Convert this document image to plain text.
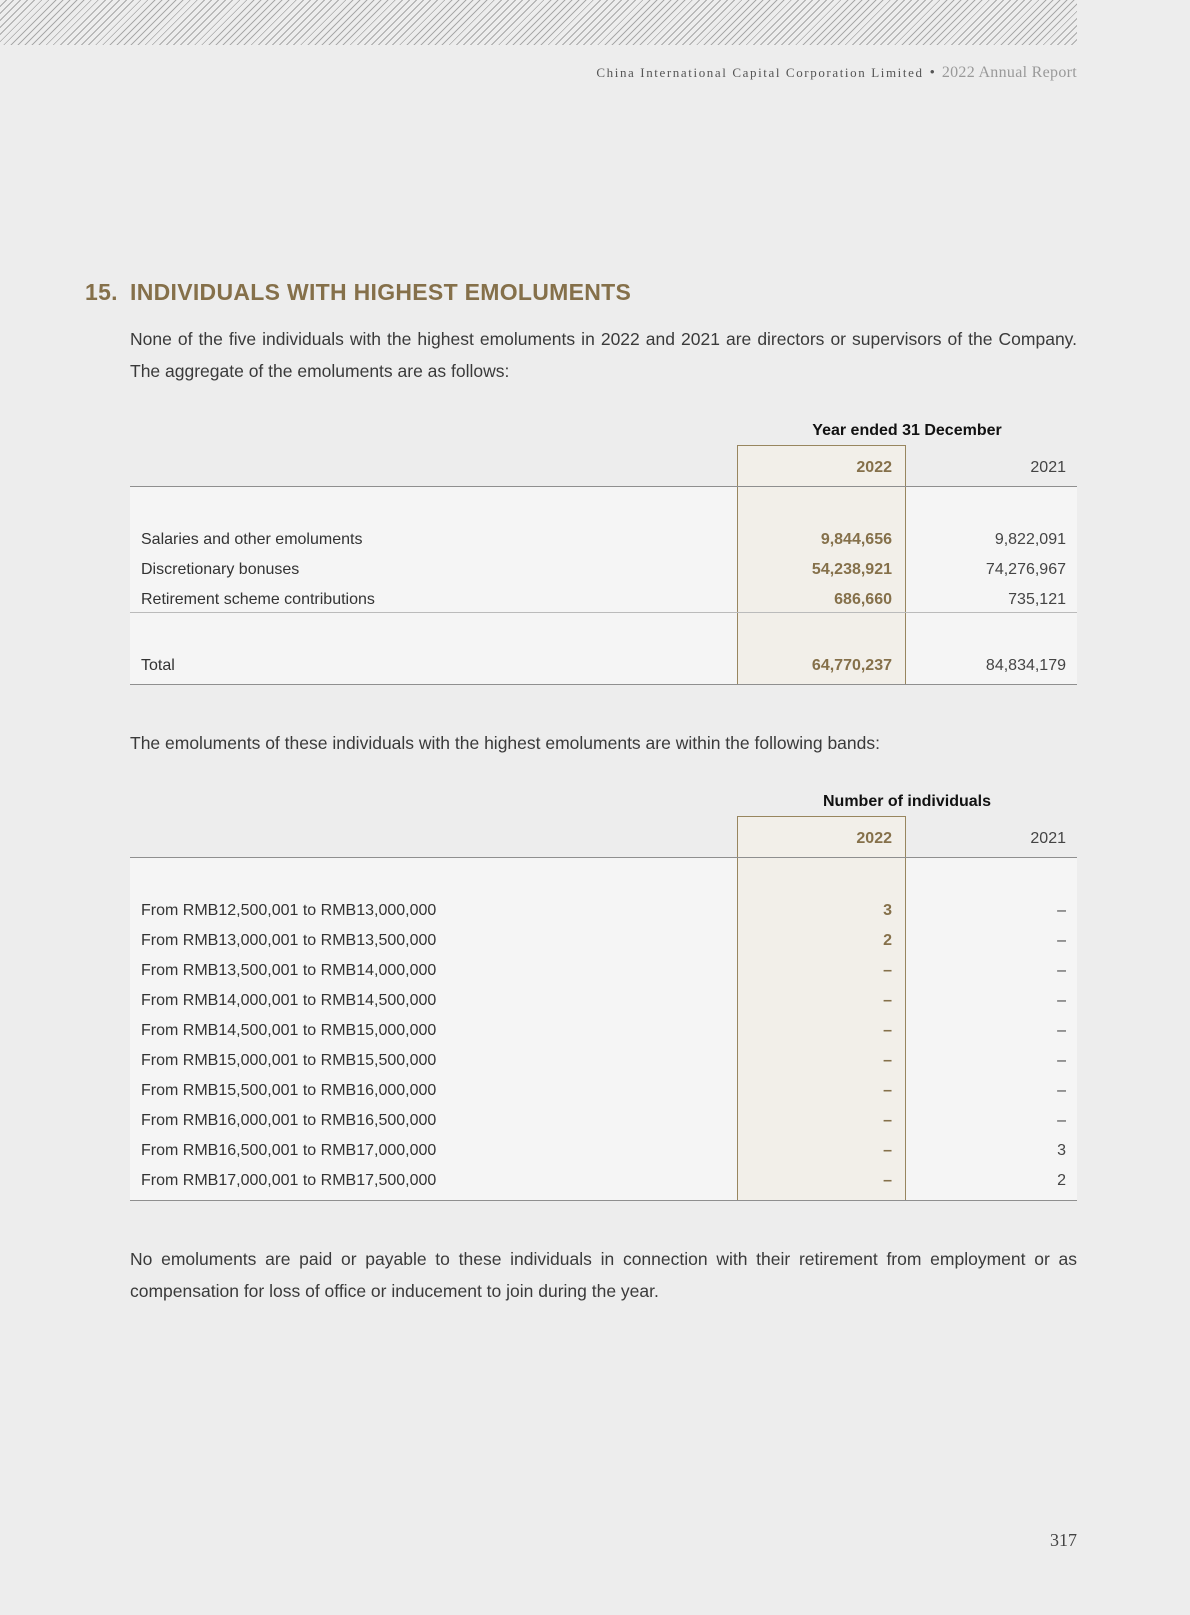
China International Capital Corporation Limited • 2022 Annual Report
15. INDIVIDUALS WITH HIGHEST EMOLUMENTS

None of the five individuals with the highest emoluments in 2022 and 2021 are directors or supervisors of the Company. The aggregate of the emoluments are as follows:

Year ended 31 December
2022	2021
Salaries and other emoluments	9,844,656	9,822,091
Discretionary bonuses	54,238,921	74,276,967
Retirement scheme contributions	686,660	735,121
Total	64,770,237	84,834,179

The emoluments of these individuals with the highest emoluments are within the following bands:

Number of individuals
2022	2021
From RMB12,500,001 to RMB13,000,000	3	–
From RMB13,000,001 to RMB13,500,000	2	–
From RMB13,500,001 to RMB14,000,000	–	–
From RMB14,000,001 to RMB14,500,000	–	–
From RMB14,500,001 to RMB15,000,000	–	–
From RMB15,000,001 to RMB15,500,000	–	–
From RMB15,500,001 to RMB16,000,000	–	–
From RMB16,000,001 to RMB16,500,000	–	–
From RMB16,500,001 to RMB17,000,000	–	3
From RMB17,000,001 to RMB17,500,000	–	2

No emoluments are paid or payable to these individuals in connection with their retirement from employment or as compensation for loss of office or inducement to join during the year.

317
